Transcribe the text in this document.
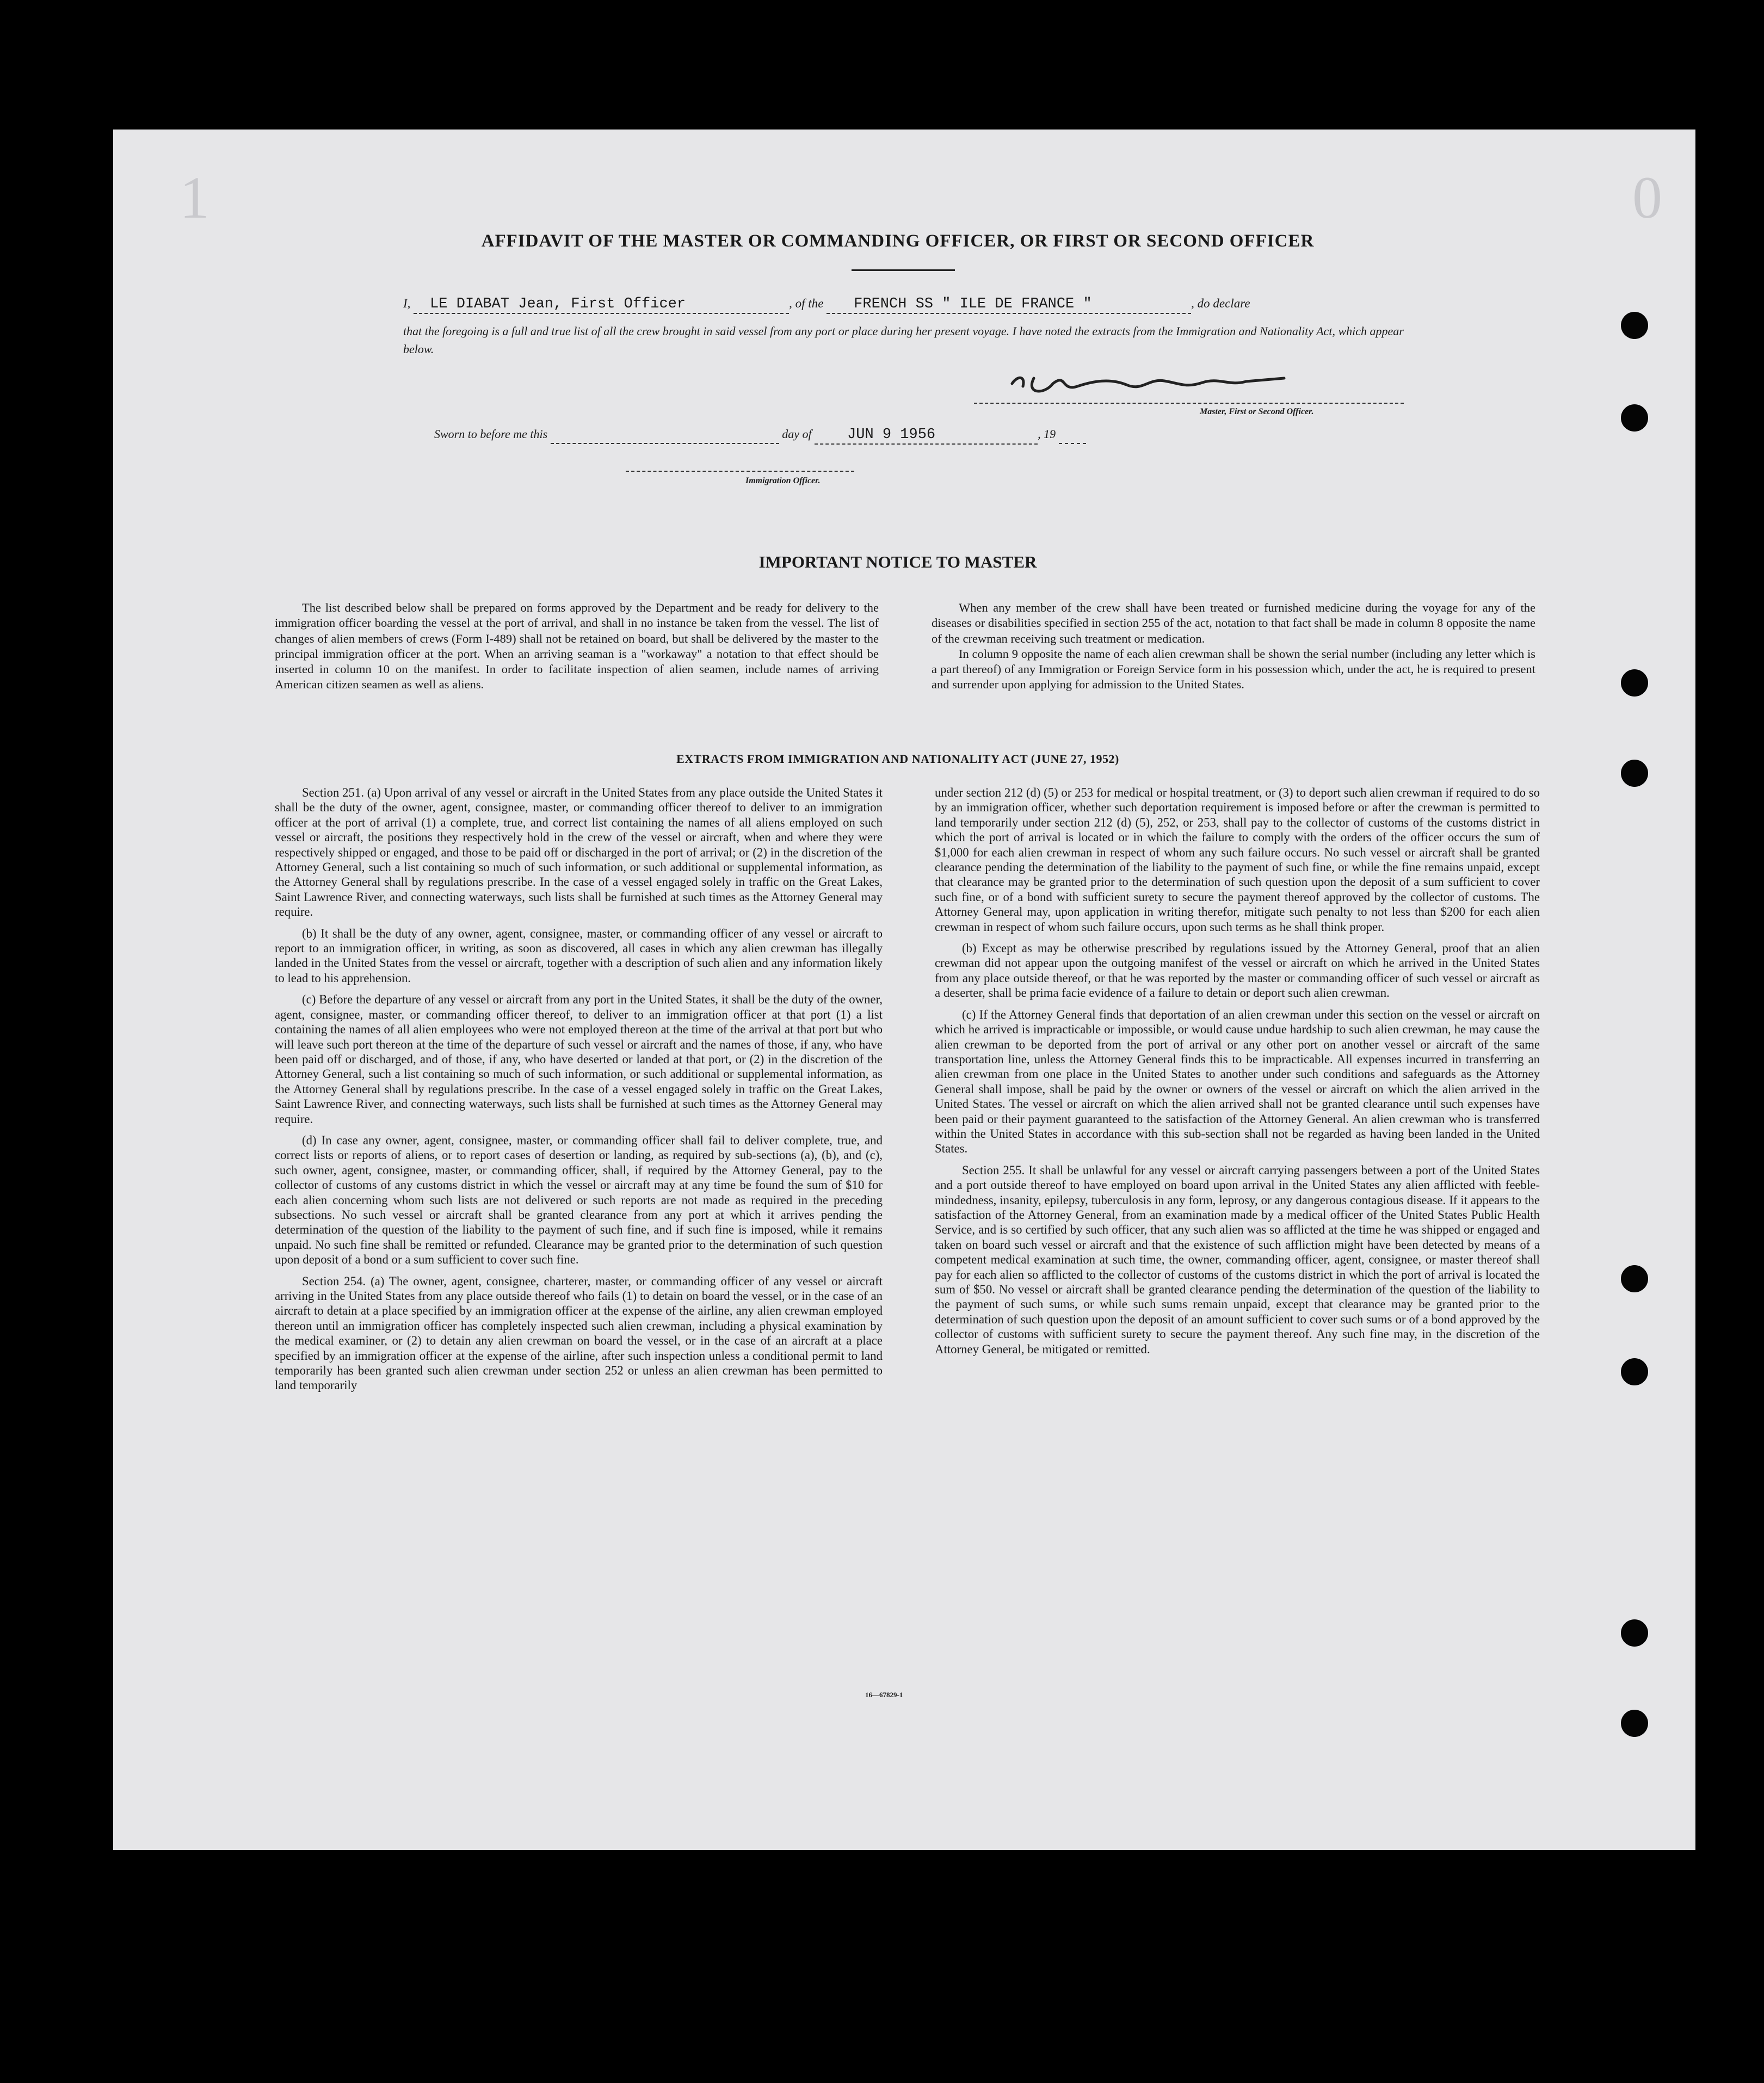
1	0
AFFIDAVIT OF THE MASTER OR COMMANDING OFFICER, OR FIRST OR SECOND OFFICER
I, LE DIABAT Jean, First Officer	, of the FRENCH SS " ILE DE FRANCE "	, do declare
that the foregoing is a full and true list of all the crew brought in said vessel from any port or place during her present voyage. I have noted the extracts from the Immigration and Nationality Act, which appear below.
Master, First or Second Officer.
Sworn to before me this	day of JUN 9 1956	, 19
Immigration Officer.
IMPORTANT NOTICE TO MASTER

The list described below shall be prepared on forms approved by the Department and be ready for delivery to the immigration officer boarding the vessel at the port of arrival, and shall in no instance be taken from the vessel. The list of changes of alien members of crews (Form I-489) shall not be retained on board, but shall be delivered by the master to the principal immigration officer at the port. When an arriving seaman is a "workaway" a notation to that effect should be inserted in column 10 on the manifest. In order to facilitate inspection of alien seamen, include names of arriving American citizen seamen as well as aliens.

When any member of the crew shall have been treated or furnished medicine during the voyage for any of the diseases or disabilities specified in section 255 of the act, notation to that fact shall be made in column 8 opposite the name of the crewman receiving such treatment or medication.

In column 9 opposite the name of each alien crewman shall be shown the serial number (including any letter which is a part thereof) of any Immigration or Foreign Service form in his possession which, under the act, he is required to present and surrender upon applying for admission to the United States.

EXTRACTS FROM IMMIGRATION AND NATIONALITY ACT (JUNE 27, 1952)

Section 251. (a) Upon arrival of any vessel or aircraft in the United States from any place outside the United States it shall be the duty of the owner, agent, consignee, master, or commanding officer thereof to deliver to an immigration officer at the port of arrival (1) a complete, true, and correct list containing the names of all aliens employed on such vessel or aircraft, the positions they respectively hold in the crew of the vessel or aircraft, when and where they were respectively shipped or engaged, and those to be paid off or discharged in the port of arrival; or (2) in the discretion of the Attorney General, such a list containing so much of such information, or such additional or supplemental information, as the Attorney General shall by regulations prescribe. In the case of a vessel engaged solely in traffic on the Great Lakes, Saint Lawrence River, and connecting waterways, such lists shall be furnished at such times as the Attorney General may require.

(b) It shall be the duty of any owner, agent, consignee, master, or commanding officer of any vessel or aircraft to report to an immigration officer, in writing, as soon as discovered, all cases in which any alien crewman has illegally landed in the United States from the vessel or aircraft, together with a description of such alien and any information likely to lead to his apprehension.

(c) Before the departure of any vessel or aircraft from any port in the United States, it shall be the duty of the owner, agent, consignee, master, or commanding officer thereof, to deliver to an immigration officer at that port (1) a list containing the names of all alien employees who were not employed thereon at the time of the arrival at that port but who will leave such port thereon at the time of the departure of such vessel or aircraft and the names of those, if any, who have been paid off or discharged, and of those, if any, who have deserted or landed at that port, or (2) in the discretion of the Attorney General, such a list containing so much of such information, or such additional or supplemental information, as the Attorney General shall by regulations prescribe. In the case of a vessel engaged solely in traffic on the Great Lakes, Saint Lawrence River, and connecting waterways, such lists shall be furnished at such times as the Attorney General may require.

(d) In case any owner, agent, consignee, master, or commanding officer shall fail to deliver complete, true, and correct lists or reports of aliens, or to report cases of desertion or landing, as required by sub-sections (a), (b), and (c), such owner, agent, consignee, master, or commanding officer, shall, if required by the Attorney General, pay to the collector of customs of any customs district in which the vessel or aircraft may at any time be found the sum of $10 for each alien concerning whom such lists are not delivered or such reports are not made as required in the preceding subsections. No such vessel or aircraft shall be granted clearance from any port at which it arrives pending the determination of the question of the liability to the payment of such fine, and if such fine is imposed, while it remains unpaid. No such fine shall be remitted or refunded. Clearance may be granted prior to the determination of such question upon deposit of a bond or a sum sufficient to cover such fine.

Section 254. (a) The owner, agent, consignee, charterer, master, or commanding officer of any vessel or aircraft arriving in the United States from any place outside thereof who fails (1) to detain on board the vessel, or in the case of an aircraft to detain at a place specified by an immigration officer at the expense of the airline, any alien crewman employed thereon until an immigration officer has completely inspected such alien crewman, including a physical examination by the medical examiner, or (2) to detain any alien crewman on board the vessel, or in the case of an aircraft at a place specified by an immigration officer at the expense of the airline, after such inspection unless a conditional permit to land temporarily has been granted such alien crewman under section 252 or unless an alien crewman has been permitted to land temporarily

under section 212 (d) (5) or 253 for medical or hospital treatment, or (3) to deport such alien crewman if required to do so by an immigration officer, whether such deportation requirement is imposed before or after the crewman is permitted to land temporarily under section 212 (d) (5), 252, or 253, shall pay to the collector of customs of the customs district in which the port of arrival is located or in which the failure to comply with the orders of the officer occurs the sum of $1,000 for each alien crewman in respect of whom any such failure occurs. No such vessel or aircraft shall be granted clearance pending the determination of the liability to the payment of such fine, or while the fine remains unpaid, except that clearance may be granted prior to the determination of such question upon the deposit of a sum sufficient to cover such fine, or of a bond with sufficient surety to secure the payment thereof approved by the collector of customs. The Attorney General may, upon application in writing therefor, mitigate such penalty to not less than $200 for each alien crewman in respect of whom such failure occurs, upon such terms as he shall think proper.

(b) Except as may be otherwise prescribed by regulations issued by the Attorney General, proof that an alien crewman did not appear upon the outgoing manifest of the vessel or aircraft on which he arrived in the United States from any place outside thereof, or that he was reported by the master or commanding officer of such vessel or aircraft as a deserter, shall be prima facie evidence of a failure to detain or deport such alien crewman.

(c) If the Attorney General finds that deportation of an alien crewman under this section on the vessel or aircraft on which he arrived is impracticable or impossible, or would cause undue hardship to such alien crewman, he may cause the alien crewman to be deported from the port of arrival or any other port on another vessel or aircraft of the same transportation line, unless the Attorney General finds this to be impracticable. All expenses incurred in transferring an alien crewman from one place in the United States to another under such conditions and safeguards as the Attorney General shall impose, shall be paid by the owner or owners of the vessel or aircraft on which the alien arrived in the United States. The vessel or aircraft on which the alien arrived shall not be granted clearance until such expenses have been paid or their payment guaranteed to the satisfaction of the Attorney General. An alien crewman who is transferred within the United States in accordance with this sub-section shall not be regarded as having been landed in the United States.

Section 255. It shall be unlawful for any vessel or aircraft carrying passengers between a port of the United States and a port outside thereof to have employed on board upon arrival in the United States any alien afflicted with feeble-mindedness, insanity, epilepsy, tuberculosis in any form, leprosy, or any dangerous contagious disease. If it appears to the satisfaction of the Attorney General, from an examination made by a medical officer of the United States Public Health Service, and is so certified by such officer, that any such alien was so afflicted at the time he was shipped or engaged and taken on board such vessel or aircraft and that the existence of such affliction might have been detected by means of a competent medical examination at such time, the owner, commanding officer, agent, consignee, or master thereof shall pay for each alien so afflicted to the collector of customs of the customs district in which the port of arrival is located the sum of $50. No vessel or aircraft shall be granted clearance pending the determination of the question of the liability to the payment of such sums, or while such sums remain unpaid, except that clearance may be granted prior to the determination of such question upon the deposit of an amount sufficient to cover such sums or of a bond approved by the collector of customs with sufficient surety to secure the payment thereof. Any such fine may, in the discretion of the Attorney General, be mitigated or remitted.

16—67829-1
